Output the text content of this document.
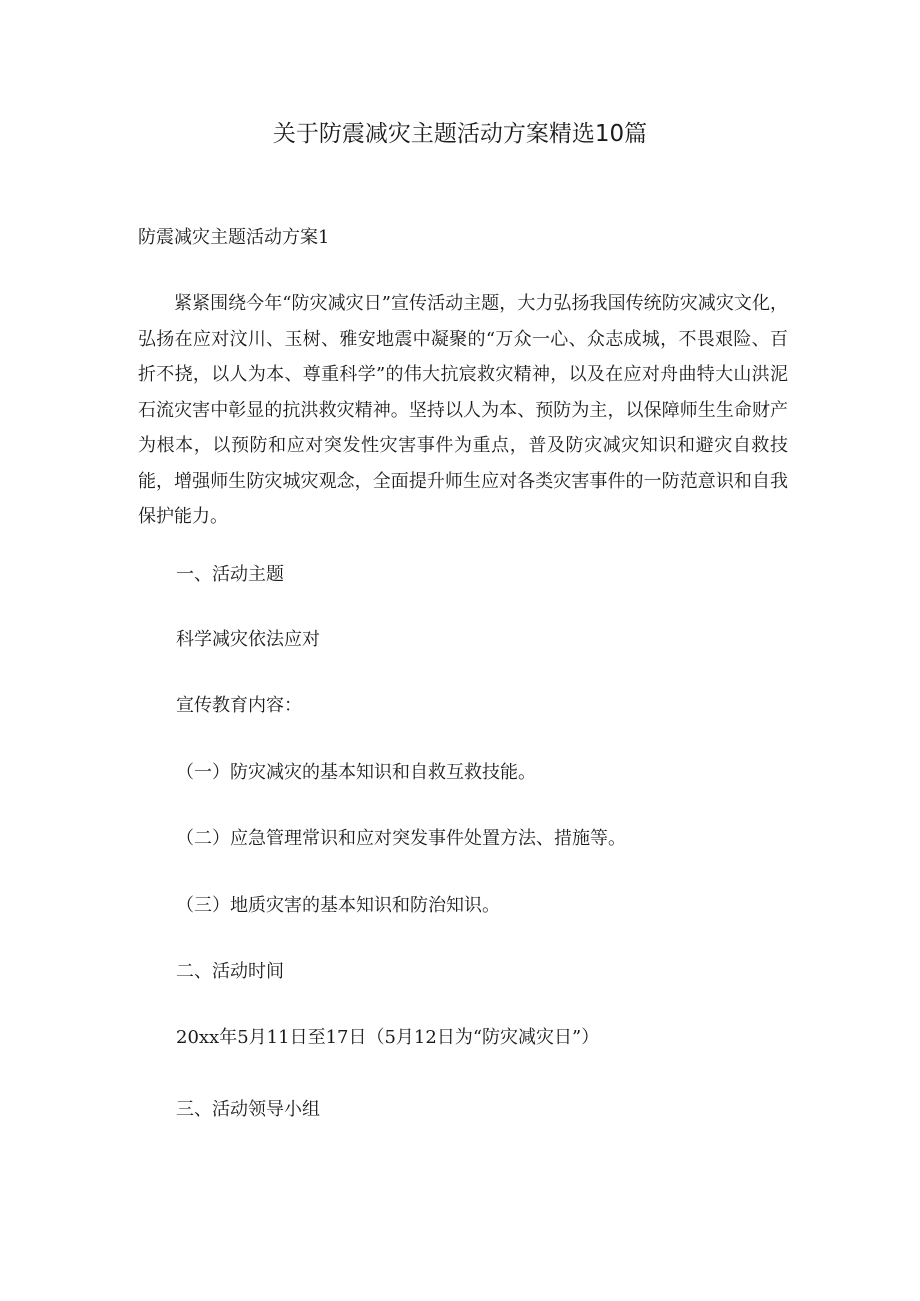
关于防震减灾主题活动方案精选10篇
防震减灾主题活动方案1

紧紧围绕今年“防灾减灾日”宣传活动主题，大力弘扬我国传统防灾减灾文化，弘扬在应对汶川、玉树、雅安地震中凝聚的“万众一心、众志成城，不畏艰险、百折不挠，以人为本、尊重科学”的伟大抗宸救灾精神，以及在应对舟曲特大山洪泥石流灾害中彰显的抗洪救灾精神。坚持以人为本、预防为主，以保障师生生命财产为根本，以预防和应对突发性灾害事件为重点，普及防灾减灾知识和避灾自救技能，增强师生防灾城灾观念，全面提升师生应对各类灾害事件的一防范意识和自我保护能力。

一、活动主题

科学减灾依法应对

宣传教育内容：

（一）防灾减灾的基本知识和自救互救技能。

（二）应急管理常识和应对突发事件处置方法、措施等。

（三）地质灾害的基本知识和防治知识。

二、活动时间

20xx年5月11日至17日（5月12日为“防灾减灾日”）

三、活动领导小组
